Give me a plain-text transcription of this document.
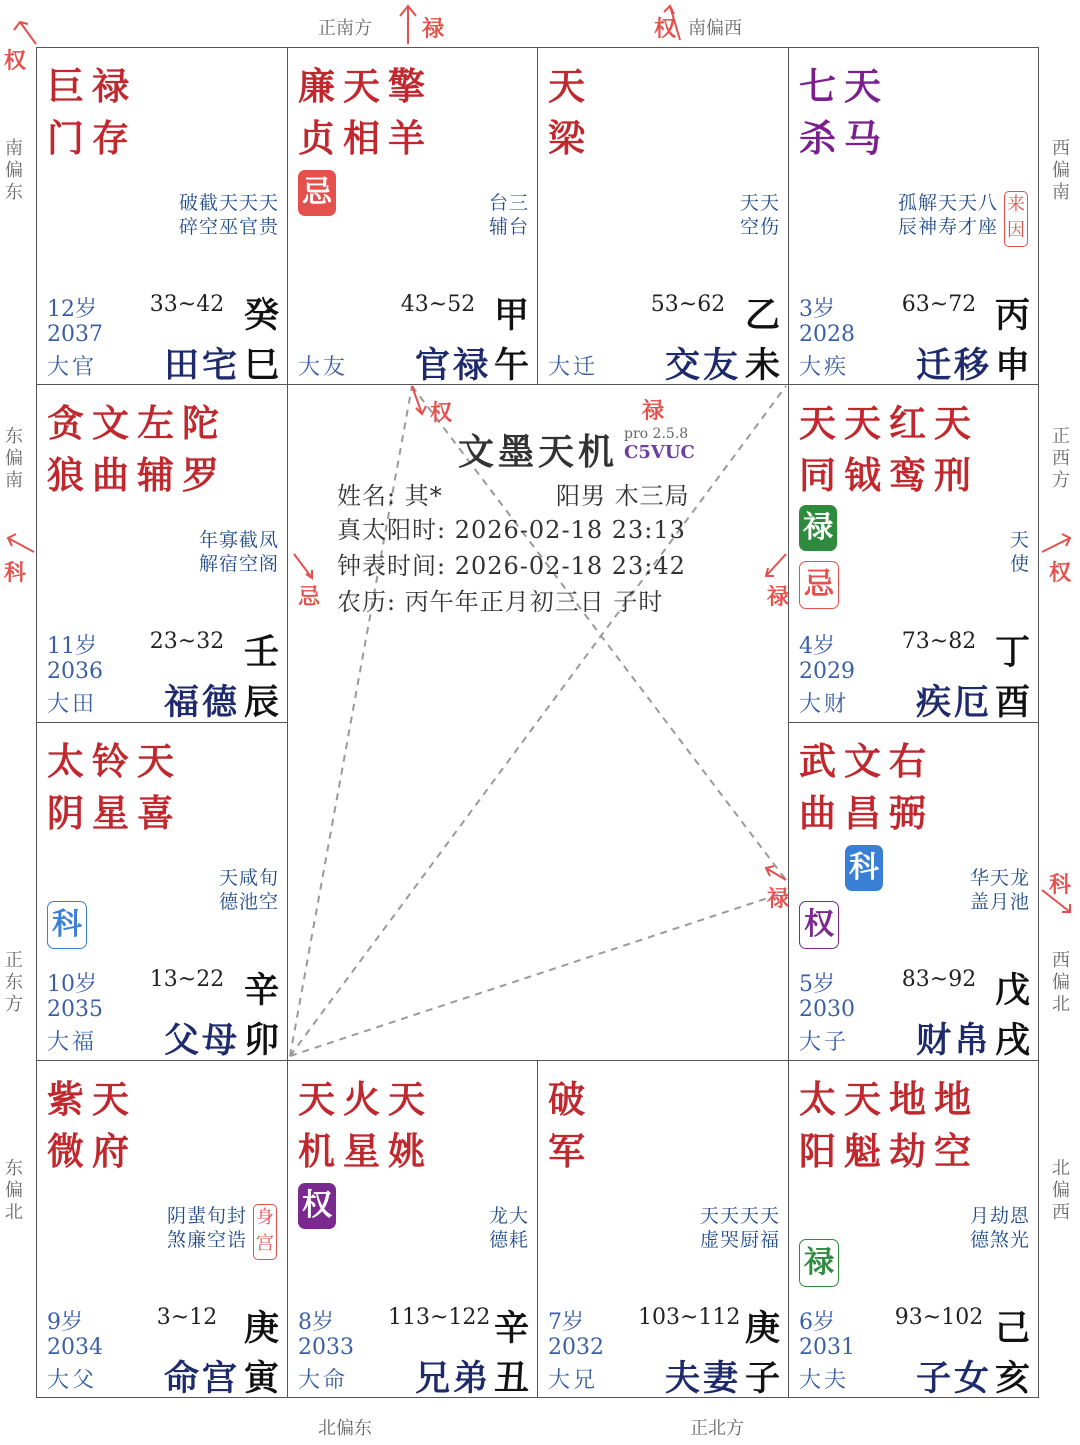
正南方	南偏西
北偏东	正北方
南偏东
东偏南
正东方
东偏北
西偏南
正西方
西偏北
北偏西
禄	权
权
科	权
科
巨禄
门存
破截天天天
碎空巫官贵
12岁
2037
大官
33~42
田宅
癸
巳
廉天擎
贞相羊
忌	台三
辅台
大友
43~52
官禄
甲
午
天
梁
天天
空伤
大迁
53~62
交友
乙
未
七天
杀马
孤解天天八
辰神寿才座
来因
3岁
2028
大疾
63~72
迁移
丙
申
贪文左陀
狼曲辅罗
年寡截凤
解宿空阁
11岁
2036
大田
23~32
福德
壬
辰
天天红天
同钺鸾刑
禄
忌
天
使
4岁
2029
大财
73~82
疾厄
丁
酉
太铃天
阴星喜
科
天咸旬
德池空
10岁
2035
大福
13~22
父母
辛
卯
武文右
曲昌弼
科
权
华天龙
盖月池
5岁
2030
大子
83~92
财帛
戊
戌
紫天
微府
阴蜚旬封
煞廉空诰
身宫
9岁
2034
大父
3~12
命宫
庚
寅
天火天
机星姚
权	龙大
德耗
8岁
2033
大命
113~122
兄弟
辛
丑
破
军
天天天天
虚哭厨福
7岁
2032
大兄
103~112
夫妻
庚
子
太天地地
阳魁劫空
禄
月劫恩
德煞光
6岁
2031
大夫
93~102
子女
己
亥
权	禄
忌	禄
禄
文墨天机 pro 2.5.8
C5VUC
姓名: 其*	阳男 木三局
真太阳时: 2026-02-18 23:13
钟表时间: 2026-02-18 23:42
农历: 丙午年正月初三日 子时
